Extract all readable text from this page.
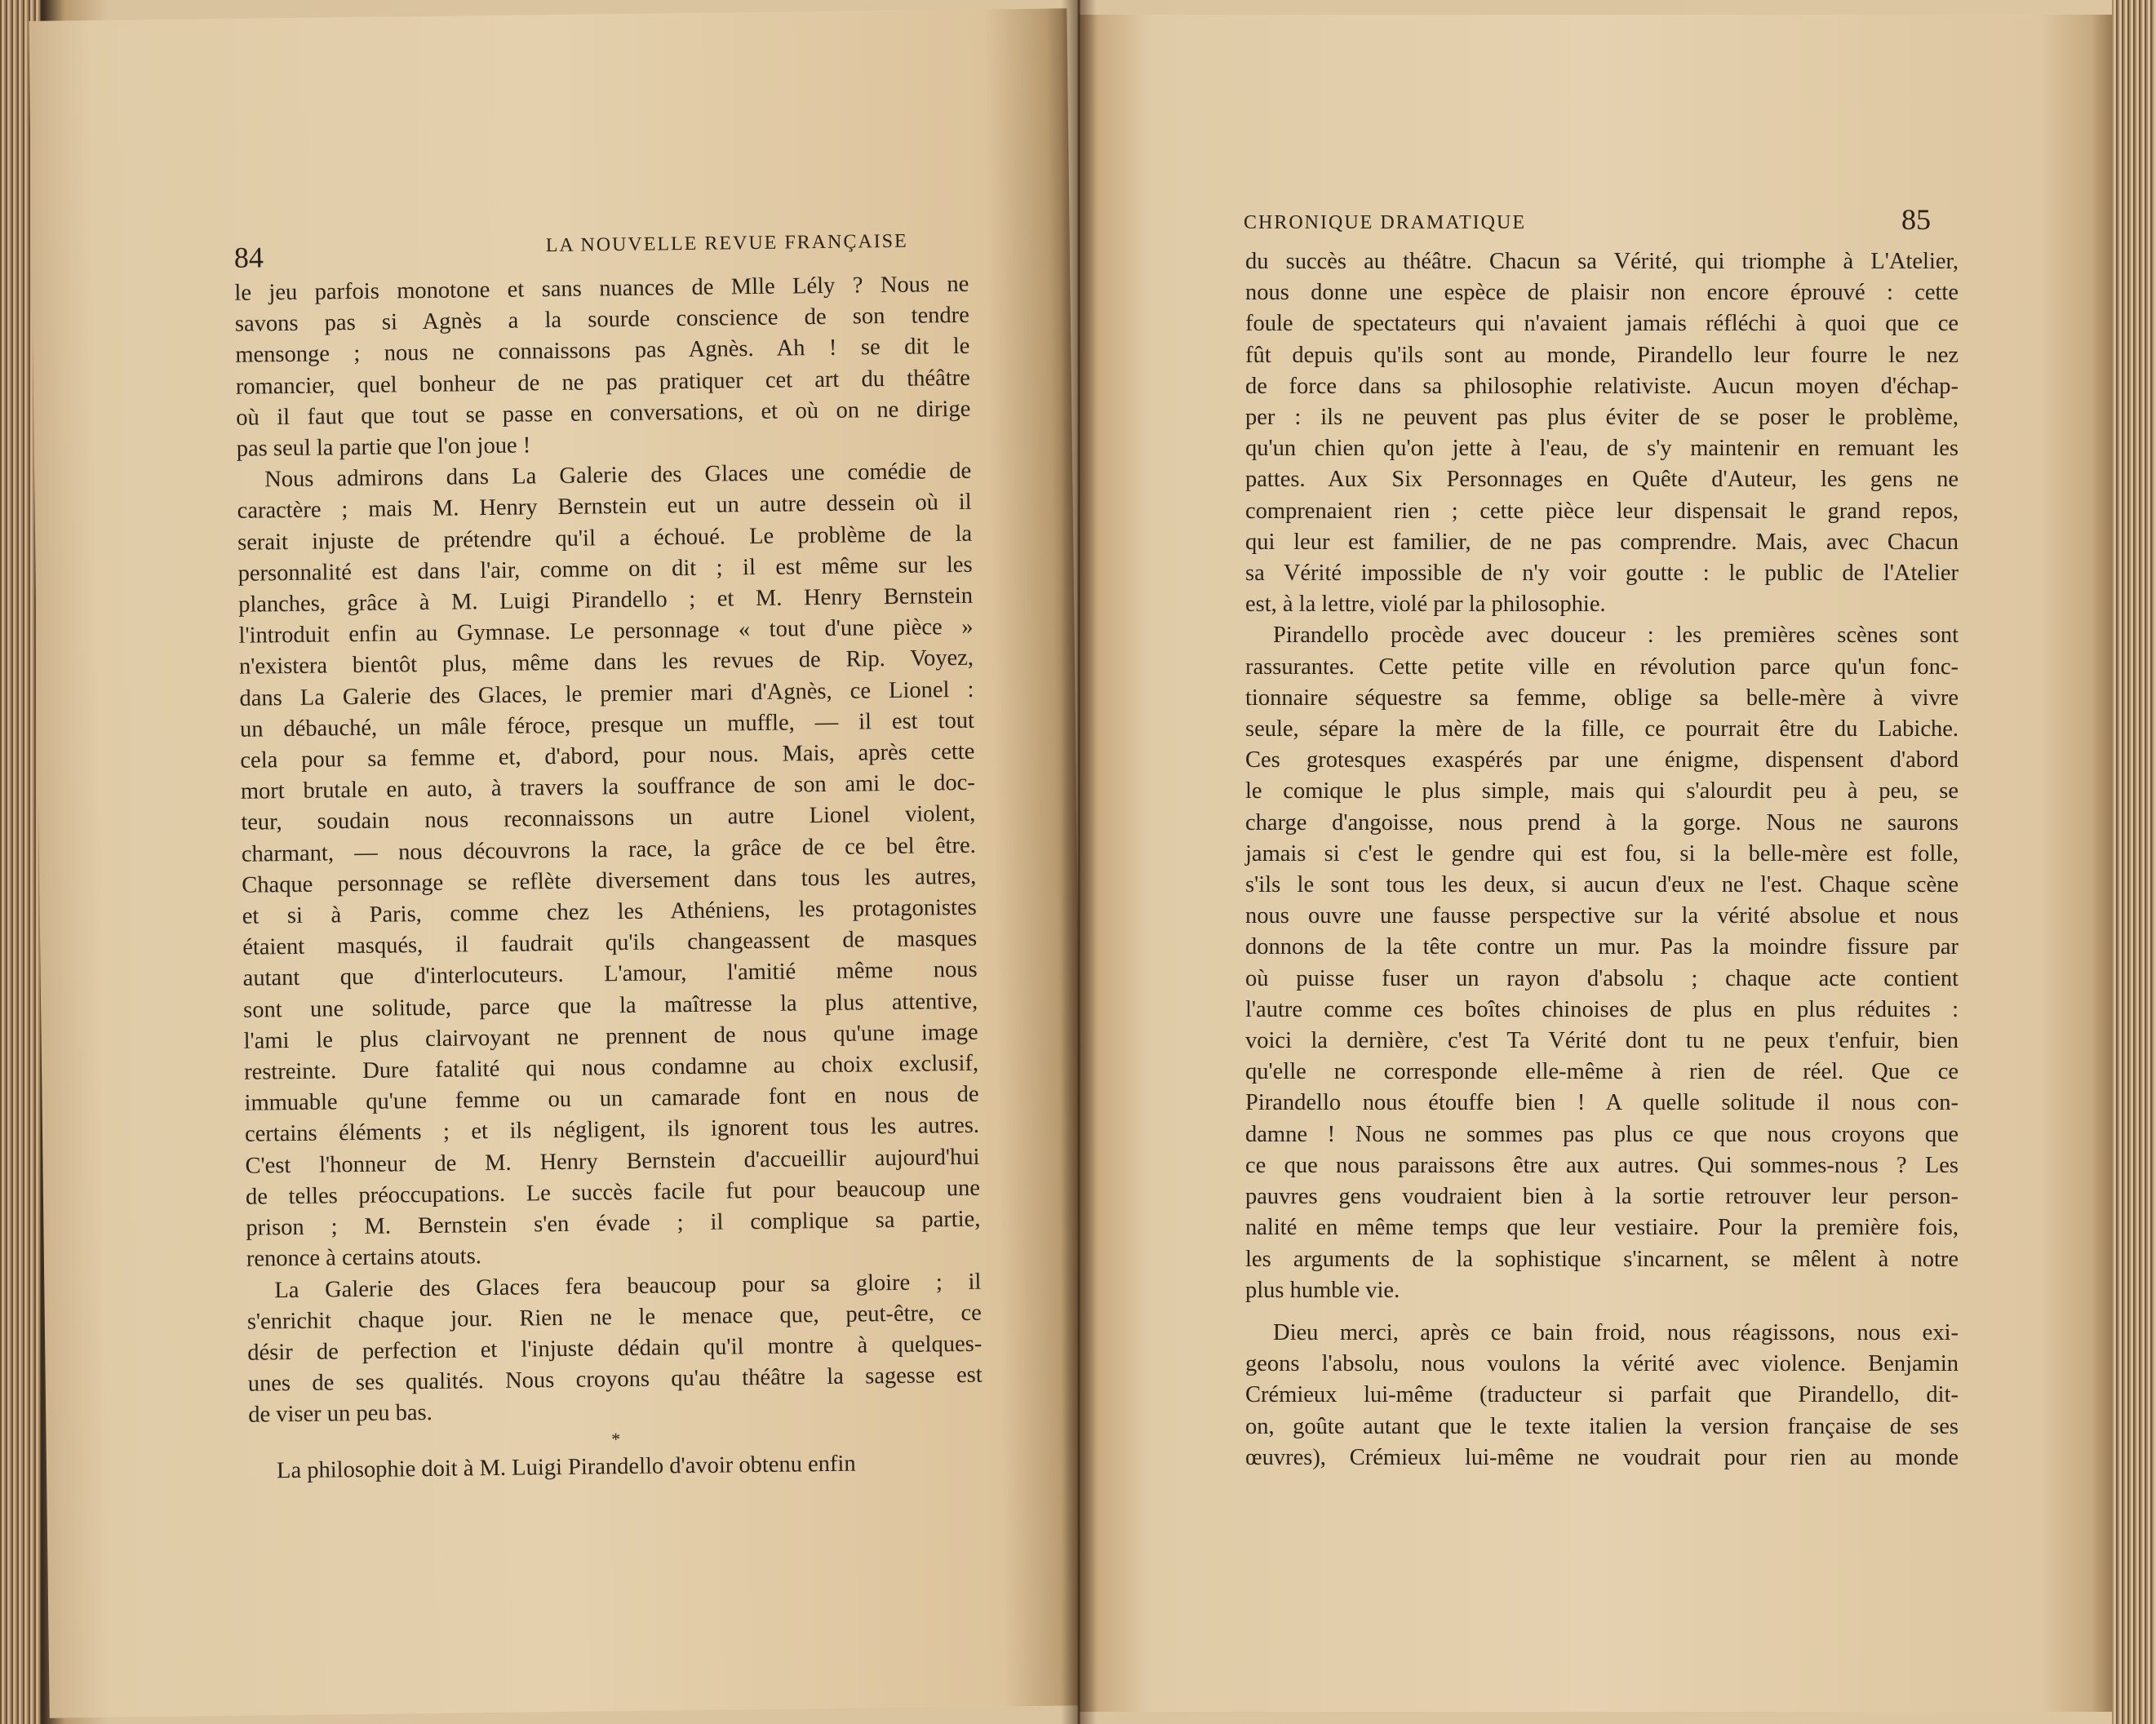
84	LA NOUVELLE REVUE FRANÇAISE
le jeu parfois monotone et sans nuances de Mlle Lély ? Nous ne
savons pas si Agnès a la sourde conscience de son tendre
mensonge ; nous ne connaissons pas Agnès. Ah ! se dit le
romancier, quel bonheur de ne pas pratiquer cet art du théâtre
où il faut que tout se passe en conversations, et où on ne dirige
pas seul la partie que l'on joue !
Nous admirons dans La Galerie des Glaces une comédie de
caractère ; mais M. Henry Bernstein eut un autre dessein où il
serait injuste de prétendre qu'il a échoué. Le problème de la
personnalité est dans l'air, comme on dit ; il est même sur les
planches, grâce à M. Luigi Pirandello ; et M. Henry Bernstein
l'introduit enfin au Gymnase. Le personnage « tout d'une pièce »
n'existera bientôt plus, même dans les revues de Rip. Voyez,
dans La Galerie des Glaces, le premier mari d'Agnès, ce Lionel :
un débauché, un mâle féroce, presque un muffle, — il est tout
cela pour sa femme et, d'abord, pour nous. Mais, après cette
mort brutale en auto, à travers la souffrance de son ami le doc-
teur, soudain nous reconnaissons un autre Lionel violent,
charmant, — nous découvrons la race, la grâce de ce bel être.
Chaque personnage se reflète diversement dans tous les autres,
et si à Paris, comme chez les Athéniens, les protagonistes
étaient masqués, il faudrait qu'ils changeassent de masques
autant que d'interlocuteurs. L'amour, l'amitié même nous
sont une solitude, parce que la maîtresse la plus attentive,
l'ami le plus clairvoyant ne prennent de nous qu'une image
restreinte. Dure fatalité qui nous condamne au choix exclusif,
immuable qu'une femme ou un camarade font en nous de
certains éléments ; et ils négligent, ils ignorent tous les autres.
C'est l'honneur de M. Henry Bernstein d'accueillir aujourd'hui
de telles préoccupations. Le succès facile fut pour beaucoup une
prison ; M. Bernstein s'en évade ; il complique sa partie,
renonce à certains atouts.
La Galerie des Glaces fera beaucoup pour sa gloire ; il
s'enrichit chaque jour. Rien ne le menace que, peut-être, ce
désir de perfection et l'injuste dédain qu'il montre à quelques-
unes de ses qualités. Nous croyons qu'au théâtre la sagesse est
de viser un peu bas.
*
La philosophie doit à M. Luigi Pirandello d'avoir obtenu enfin
CHRONIQUE DRAMATIQUE	85
du succès au théâtre. Chacun sa Vérité, qui triomphe à L'Atelier,
nous donne une espèce de plaisir non encore éprouvé : cette
foule de spectateurs qui n'avaient jamais réfléchi à quoi que ce
fût depuis qu'ils sont au monde, Pirandello leur fourre le nez
de force dans sa philosophie relativiste. Aucun moyen d'échap-
per : ils ne peuvent pas plus éviter de se poser le problème,
qu'un chien qu'on jette à l'eau, de s'y maintenir en remuant les
pattes. Aux Six Personnages en Quête d'Auteur, les gens ne
comprenaient rien ; cette pièce leur dispensait le grand repos,
qui leur est familier, de ne pas comprendre. Mais, avec Chacun
sa Vérité impossible de n'y voir goutte : le public de l'Atelier
est, à la lettre, violé par la philosophie.
Pirandello procède avec douceur : les premières scènes sont
rassurantes. Cette petite ville en révolution parce qu'un fonc-
tionnaire séquestre sa femme, oblige sa belle-mère à vivre
seule, sépare la mère de la fille, ce pourrait être du Labiche.
Ces grotesques exaspérés par une énigme, dispensent d'abord
le comique le plus simple, mais qui s'alourdit peu à peu, se
charge d'angoisse, nous prend à la gorge. Nous ne saurons
jamais si c'est le gendre qui est fou, si la belle-mère est folle,
s'ils le sont tous les deux, si aucun d'eux ne l'est. Chaque scène
nous ouvre une fausse perspective sur la vérité absolue et nous
donnons de la tête contre un mur. Pas la moindre fissure par
où puisse fuser un rayon d'absolu ; chaque acte contient
l'autre comme ces boîtes chinoises de plus en plus réduites :
voici la dernière, c'est Ta Vérité dont tu ne peux t'enfuir, bien
qu'elle ne corresponde elle-même à rien de réel. Que ce
Pirandello nous étouffe bien ! A quelle solitude il nous con-
damne ! Nous ne sommes pas plus ce que nous croyons que
ce que nous paraissons être aux autres. Qui sommes-nous ? Les
pauvres gens voudraient bien à la sortie retrouver leur person-
nalité en même temps que leur vestiaire. Pour la première fois,
les arguments de la sophistique s'incarnent, se mêlent à notre
plus humble vie.
Dieu merci, après ce bain froid, nous réagissons, nous exi-
geons l'absolu, nous voulons la vérité avec violence. Benjamin
Crémieux lui-même (traducteur si parfait que Pirandello, dit-
on, goûte autant que le texte italien la version française de ses
œuvres), Crémieux lui-même ne voudrait pour rien au monde
